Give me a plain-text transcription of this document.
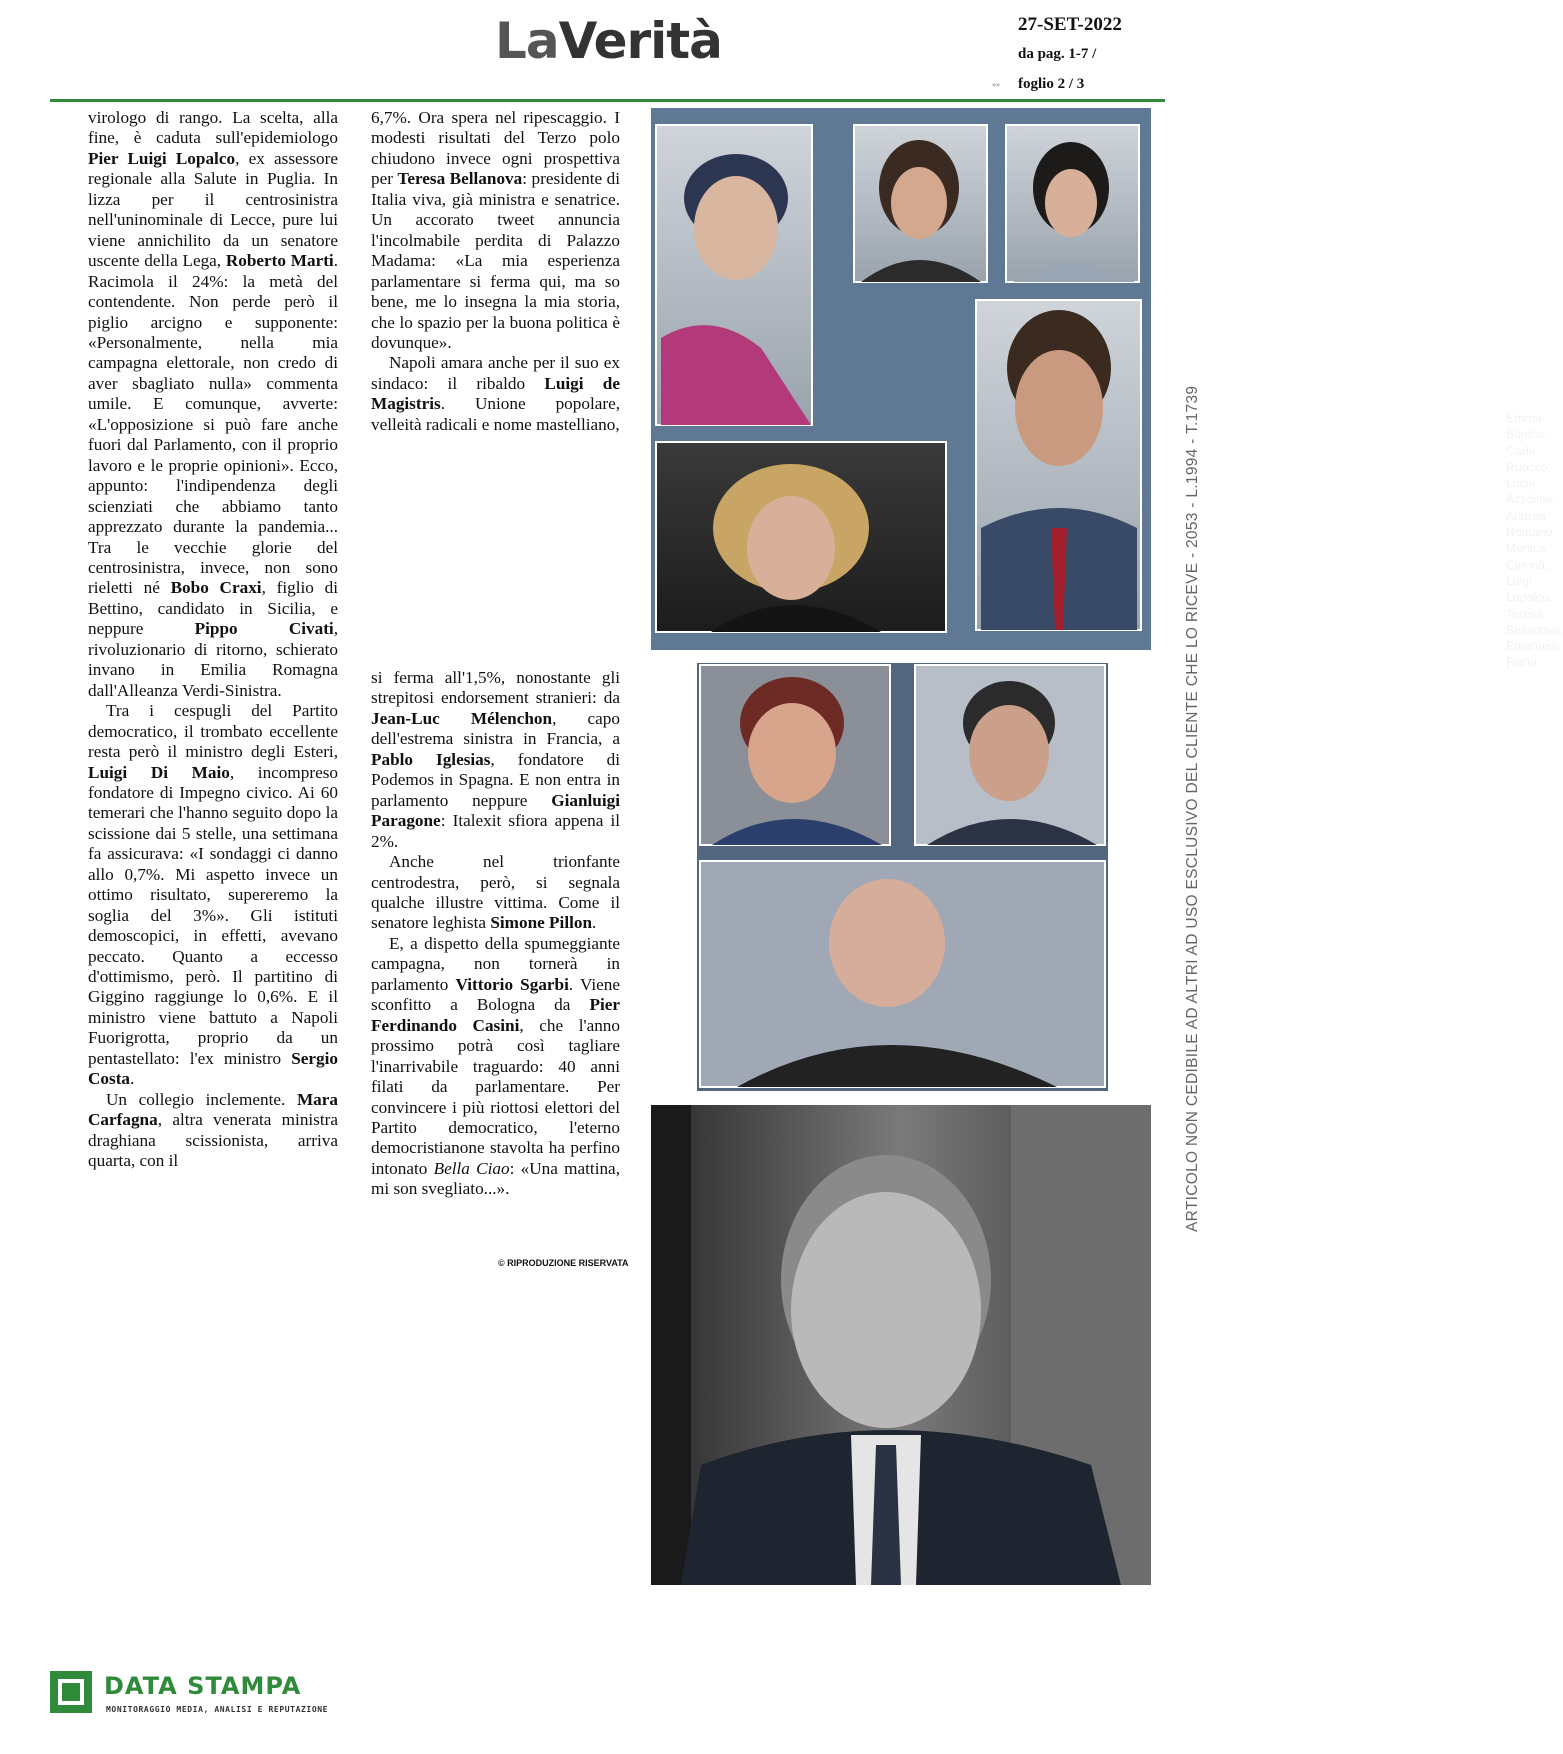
LaVerità	27-SET-2022
da pag. 1-7 /
»» foglio 2 / 3

virologo di rango. La scelta, alla fine, è caduta sull'epidemiologo Pier Luigi Lopalco, ex assessore regionale alla Salute in Puglia. In lizza per il centrosinistra nell'uninominale di Lecce, pure lui viene annichilito da un senatore uscente della Lega, Roberto Marti. Racimola il 24%: la metà del contendente. Non perde però il piglio arcigno e supponente: «Personalmente, nella mia campagna elettorale, non credo di aver sbagliato nulla» commenta umile. E comunque, avverte: «L'opposizione si può fare anche fuori dal Parlamento, con il proprio lavoro e le proprie opinioni». Ecco, appunto: l'indipendenza degli scienziati che abbiamo tanto apprezzato durante la pandemia... Tra le vecchie glorie del centrosinistra, invece, non sono rieletti né Bobo Craxi, figlio di Bettino, candidato in Sicilia, e neppure Pippo Civati, rivoluzionario di ritorno, schierato invano in Emilia Romagna dall'Alleanza Verdi-Sinistra.

Tra i cespugli del Partito democratico, il trombato eccellente resta però il ministro degli Esteri, Luigi Di Maio, incompreso fondatore di Impegno civico. Ai 60 temerari che l'hanno seguito dopo la scissione dai 5 stelle, una settimana fa assicurava: «I sondaggi ci danno allo 0,7%. Mi aspetto invece un ottimo risultato, supereremo la soglia del 3%». Gli istituti demoscopici, in effetti, avevano peccato. Quanto a eccesso d'ottimismo, però. Il partitino di Giggino raggiunge lo 0,6%. E il ministro viene battuto a Napoli Fuorigrotta, proprio da un pentastellato: l'ex ministro Sergio Costa.

Un collegio inclemente. Mara Carfagna, altra venerata ministra draghiana scissionista, arriva quarta, con il

6,7%. Ora spera nel ripescaggio. I modesti risultati del Terzo polo chiudono invece ogni prospettiva per Teresa Bellanova: presidente di Italia viva, già ministra e senatrice. Un accorato tweet annuncia l'incolmabile perdita di Palazzo Madama: «La mia esperienza parlamentare si ferma qui, ma so bene, me lo insegna la mia storia, che lo spazio per la buona politica è dovunque».

Napoli amara anche per il suo ex sindaco: il ribaldo Luigi de Magistris. Unione popolare, velleità radicali e nome mastelliano,

si ferma all'1,5%, nonostante gli strepitosi endorsement stranieri: da Jean-Luc Mélenchon, capo dell'estrema sinistra in Francia, a Pablo Iglesias, fondatore di Podemos in Spagna. E non entra in parlamento neppure Gianluigi Paragone: Italexit sfiora appena il 2%.

Anche nel trionfante centrodestra, però, si segnala qualche illustre vittima. Come il senatore leghista Simone Pillon.

E, a dispetto della spumeggiante campagna, non tornerà in parlamento Vittorio Sgarbi. Viene sconfitto a Bologna da Pier Ferdinando Casini, che l'anno prossimo potrà così tagliare l'inarrivabile traguardo: 40 anni filati da parlamentare. Per convincere i più riottosi elettori del Partito democratico, l'eterno democristianone stavolta ha perfino intonato Bella Ciao: «Una mattina, mi son svegliato...».

© RIPRODUZIONE RISERVATA
Emma Bonino,
Carla Ruocco,
Lucia Azzolina,
Andrea Romano,
Monica Cirinnà,
Luigi Lopalco,
Teresa Bellanova,
Emanuele Fiano
ARTICOLO NON CEDIBILE AD ALTRI AD USO ESCLUSIVO DEL CLIENTE CHE LO RICEVE - 2053 - L.1994 - T.1739
DATA STAMPA
MONITORAGGIO MEDIA, ANALISI E REPUTAZIONE
